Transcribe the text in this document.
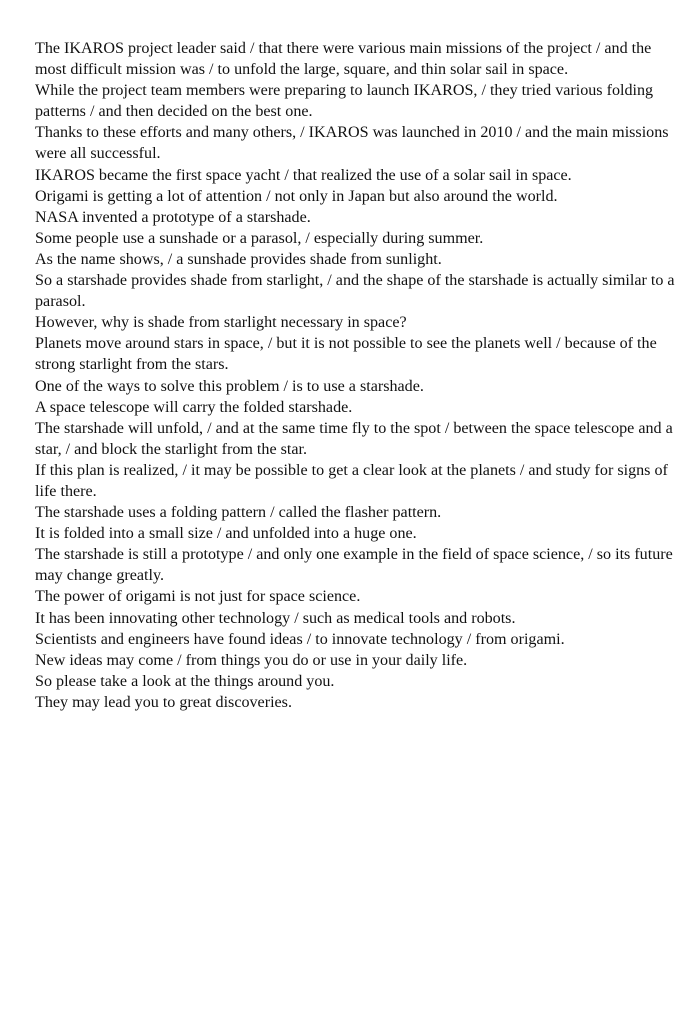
The IKAROS project leader said / that there were various main missions of the project / and the most difficult mission was / to unfold the large, square, and thin solar sail in space.

While the project team members were preparing to launch IKAROS, / they tried various folding patterns / and then decided on the best one.

Thanks to these efforts and many others, / IKAROS was launched in 2010 / and the main missions were all successful.

IKAROS became the first space yacht / that realized the use of a solar sail in space.

Origami is getting a lot of attention / not only in Japan but also around the world.

NASA invented a prototype of a starshade.

Some people use a sunshade or a parasol, / especially during summer.

As the name shows, / a sunshade provides shade from sunlight.

So a starshade provides shade from starlight, / and the shape of the starshade is actually similar to a parasol.

However, why is shade from starlight necessary in space?

Planets move around stars in space, / but it is not possible to see the planets well / because of the strong starlight from the stars.

One of the ways to solve this problem / is to use a starshade.

A space telescope will carry the folded starshade.

The starshade will unfold, / and at the same time fly to the spot / between the space telescope and a star, / and block the starlight from the star.

If this plan is realized, / it may be possible to get a clear look at the planets / and study for signs of life there.

The starshade uses a folding pattern / called the flasher pattern.

It is folded into a small size / and unfolded into a huge one.

The starshade is still a prototype / and only one example in the field of space science, / so its future may change greatly.

The power of origami is not just for space science.

It has been innovating other technology / such as medical tools and robots.

Scientists and engineers have found ideas / to innovate technology / from origami.

New ideas may come / from things you do or use in your daily life.

So please take a look at the things around you.

They may lead you to great discoveries.
